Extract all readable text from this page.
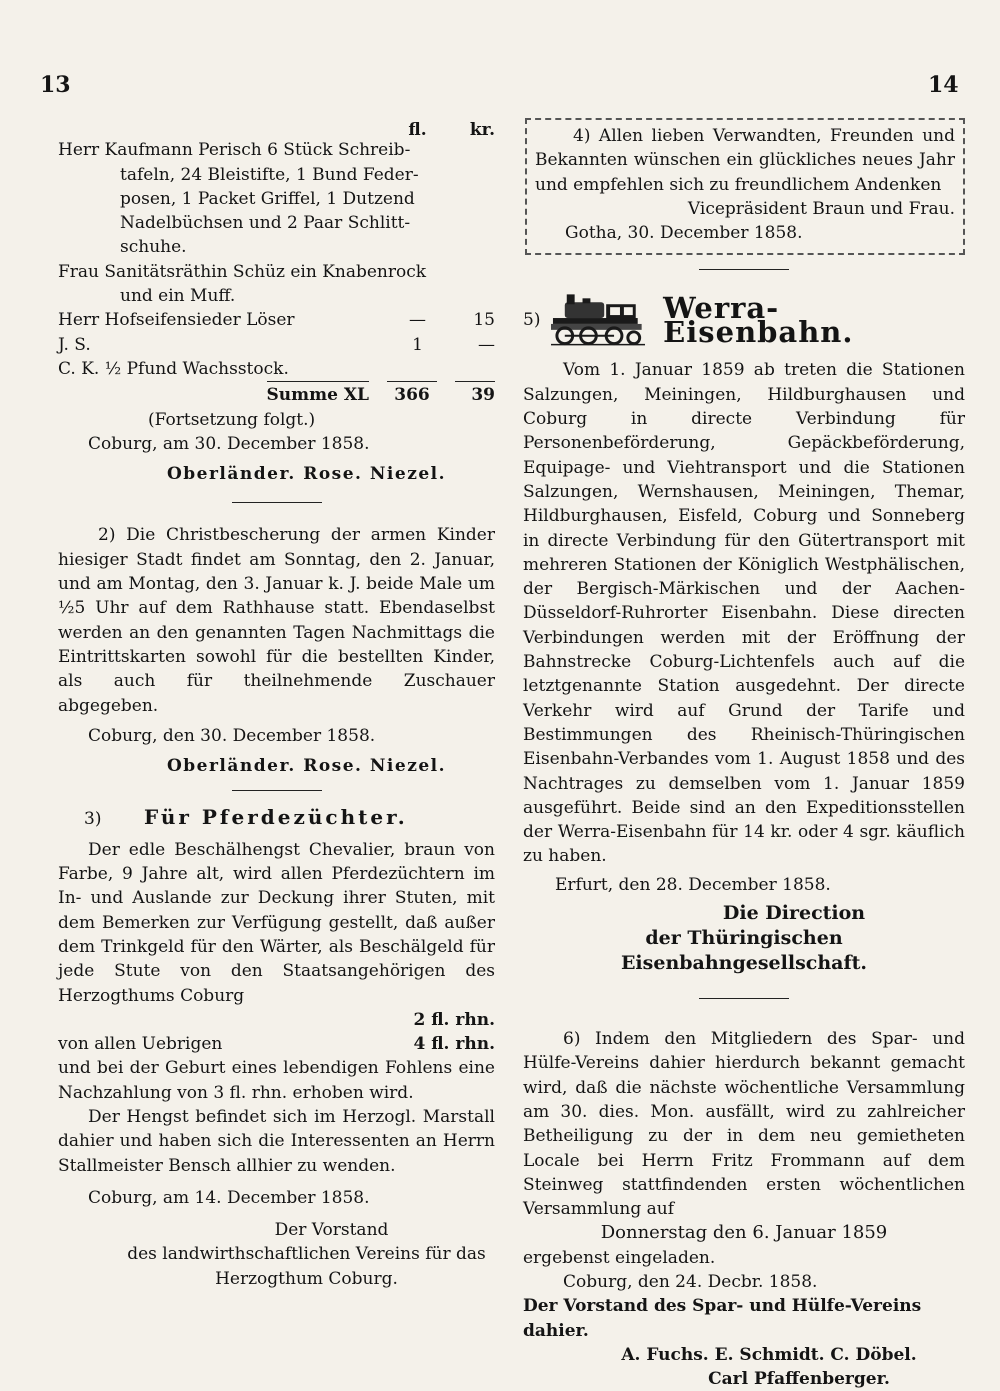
13	14
fl.	kr.
Herr Kaufmann Perisch 6 Stück Schreib-
tafeln, 24 Bleistifte, 1 Bund Feder-
posen, 1 Packet Griffel, 1 Dutzend
Nadelbüchsen und 2 Paar Schlitt-
schuhe.
Frau Sanitätsräthin Schüz ein Knabenrock
und ein Muff.
Herr Hofseifensieder Löser	—	15
J. S.	1	—
C. K. ½ Pfund Wachsstock.
Summe XL	366	39
(Fortsetzung folgt.)
Coburg, am 30. December 1858.
Oberländer. Rose. Niezel.

2) Die Christbescherung der armen Kinder hiesiger Stadt findet am Sonntag, den 2. Januar, und am Montag, den 3. Januar k. J. beide Male um ½5 Uhr auf dem Rathhause statt. Ebendaselbst werden an den genannten Tagen Nachmittags die Eintrittskarten sowohl für die bestellten Kinder, als auch für theilnehmende Zuschauer abgegeben.

Coburg, den 30. December 1858.
Oberländer. Rose. Niezel.
3)	Für Pferdezüchter.

Der edle Beschälhengst Chevalier, braun von Farbe, 9 Jahre alt, wird allen Pferdezüchtern im In- und Auslande zur Deckung ihrer Stuten, mit dem Bemerken zur Verfügung gestellt, daß außer dem Trinkgeld für den Wärter, als Beschälgeld für jede Stute von den Staatsangehörigen des Herzogthums Coburg

2 fl. rhn.
von allen Uebrigen	4 fl. rhn.

und bei der Geburt eines lebendigen Fohlens eine Nachzahlung von 3 fl. rhn. erhoben wird.

Der Hengst befindet sich im Herzogl. Marstall dahier und haben sich die Interessenten an Herrn Stallmeister Bensch allhier zu wenden.

Coburg, am 14. December 1858.
Der Vorstand
des landwirthschaftlichen Vereins für das
Herzogthum Coburg.

4) Allen lieben Verwandten, Freunden und Bekannten wünschen ein glückliches neues Jahr und empfehlen sich zu freundlichem Andenken

Vicepräsident Braun und Frau.
Gotha, 30. December 1858.
5)	Werra-Eisenbahn.

Vom 1. Januar 1859 ab treten die Stationen Salzungen, Meiningen, Hildburghausen und Coburg in directe Verbindung für Personenbeförderung, Gepäckbeförderung, Equipage- und Viehtransport und die Stationen Salzungen, Wernshausen, Meiningen, Themar, Hildburghausen, Eisfeld, Coburg und Sonneberg in directe Verbindung für den Gütertransport mit mehreren Stationen der Königlich Westphälischen, der Bergisch-Märkischen und der Aachen-Düsseldorf-Ruhrorter Eisenbahn. Diese directen Verbindungen werden mit der Eröffnung der Bahnstrecke Coburg-Lichtenfels auch auf die letztgenannte Station ausgedehnt. Der directe Verkehr wird auf Grund der Tarife und Bestimmungen des Rheinisch-Thüringischen Eisenbahn-Verbandes vom 1. August 1858 und des Nachtrages zu demselben vom 1. Januar 1859 ausgeführt. Beide sind an den Expeditionsstellen der Werra-Eisenbahn für 14 kr. oder 4 sgr. käuflich zu haben.

Erfurt, den 28. December 1858.
Die Direction
der Thüringischen Eisenbahngesellschaft.

6) Indem den Mitgliedern des Spar- und Hülfe-Vereins dahier hierdurch bekannt gemacht wird, daß die nächste wöchentliche Versammlung am 30. dies. Mon. ausfällt, wird zu zahlreicher Betheiligung zu der in dem neu gemietheten Locale bei Herrn Fritz Frommann auf dem Steinweg stattfindenden ersten wöchentlichen Versammlung auf

Donnerstag den 6. Januar 1859
ergebenst eingeladen.
Coburg, den 24. Decbr. 1858.
Der Vorstand des Spar- und Hülfe-Vereins dahier.
A. Fuchs. E. Schmidt. C. Döbel.
Carl Pfaffenberger.
